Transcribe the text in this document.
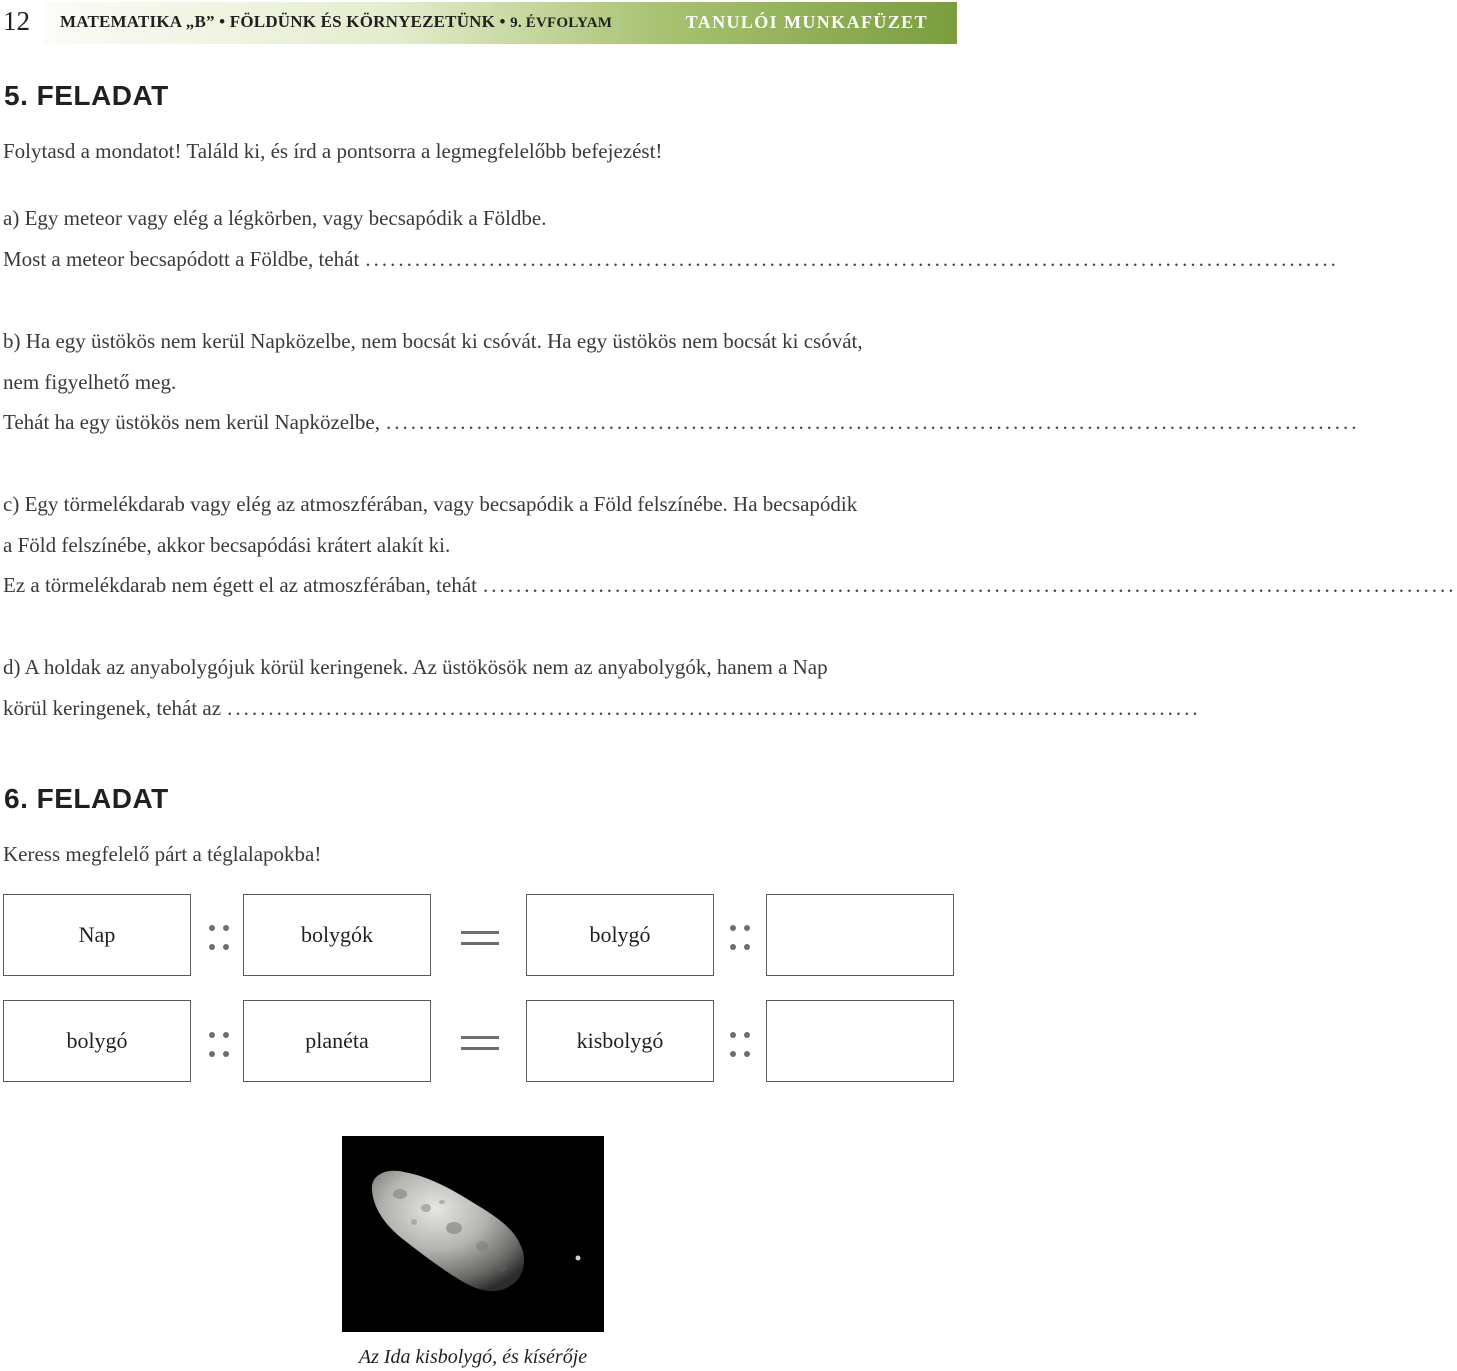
12 MATEMATIKA „B” • FÖLDÜNK ÉS KÖRNYEZETÜNK • 9. ÉVFOLYAM	TANULÓI MUNKAFÜZET
5. FELADAT
Folytasd a mondatot! Találd ki, és írd a pontsorra a legmegfelelőbb befejezést!
a) Egy meteor vagy elég a légkörben, vagy becsapódik a Földbe.
Most a meteor becsapódott a Földbe, tehát ......................................................................................................................
b) Ha egy üstökös nem kerül Napközelbe, nem bocsát ki csóvát. Ha egy üstökös nem bocsát ki csóvát,
nem figyelhető meg.
Tehát ha egy üstökös nem kerül Napközelbe, ......................................................................................................................
c) Egy törmelékdarab vagy elég az atmoszférában, vagy becsapódik a Föld felszínébe. Ha becsapódik
a Föld felszínébe, akkor becsapódási krátert alakít ki.
Ez a törmelékdarab nem égett el az atmoszférában, tehát ......................................................................................................................
d) A holdak az anyabolygójuk körül keringenek. Az üstökösök nem az anyabolygók, hanem a Nap
körül keringenek, tehát az ......................................................................................................................
6. FELADAT
Keress megfelelő párt a téglalapokba!
Nap	bolygók	bolygó
bolygó	planéta	kisbolygó
Az Ida kisbolygó, és kísérője
